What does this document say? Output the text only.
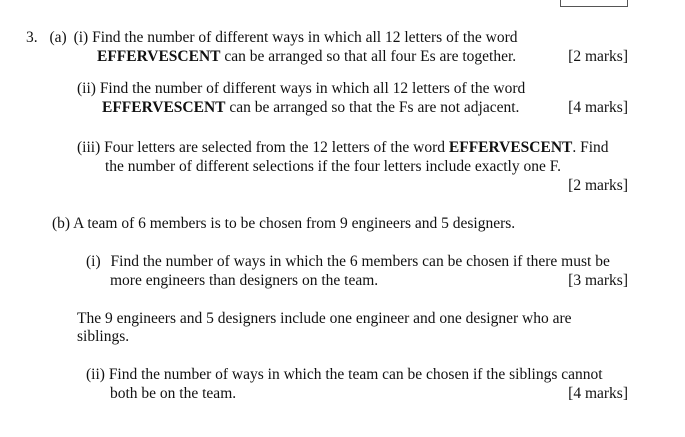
3. (a) (i) Find the number of different ways in which all 12 letters of the word
EFFERVESCENT can be arranged so that all four Es are together.	[2 marks]
(ii) Find the number of different ways in which all 12 letters of the word
EFFERVESCENT can be arranged so that the Fs are not adjacent.	[4 marks]
(iii) Four letters are selected from the 12 letters of the word EFFERVESCENT. Find
the number of different selections if the four letters include exactly one F.
[2 marks]
(b) A team of 6 members is to be chosen from 9 engineers and 5 designers.
(i) Find the number of ways in which the 6 members can be chosen if there must be
more engineers than designers on the team.	[3 marks]
The 9 engineers and 5 designers include one engineer and one designer who are
siblings.
(ii) Find the number of ways in which the team can be chosen if the siblings cannot
both be on the team.	[4 marks]
